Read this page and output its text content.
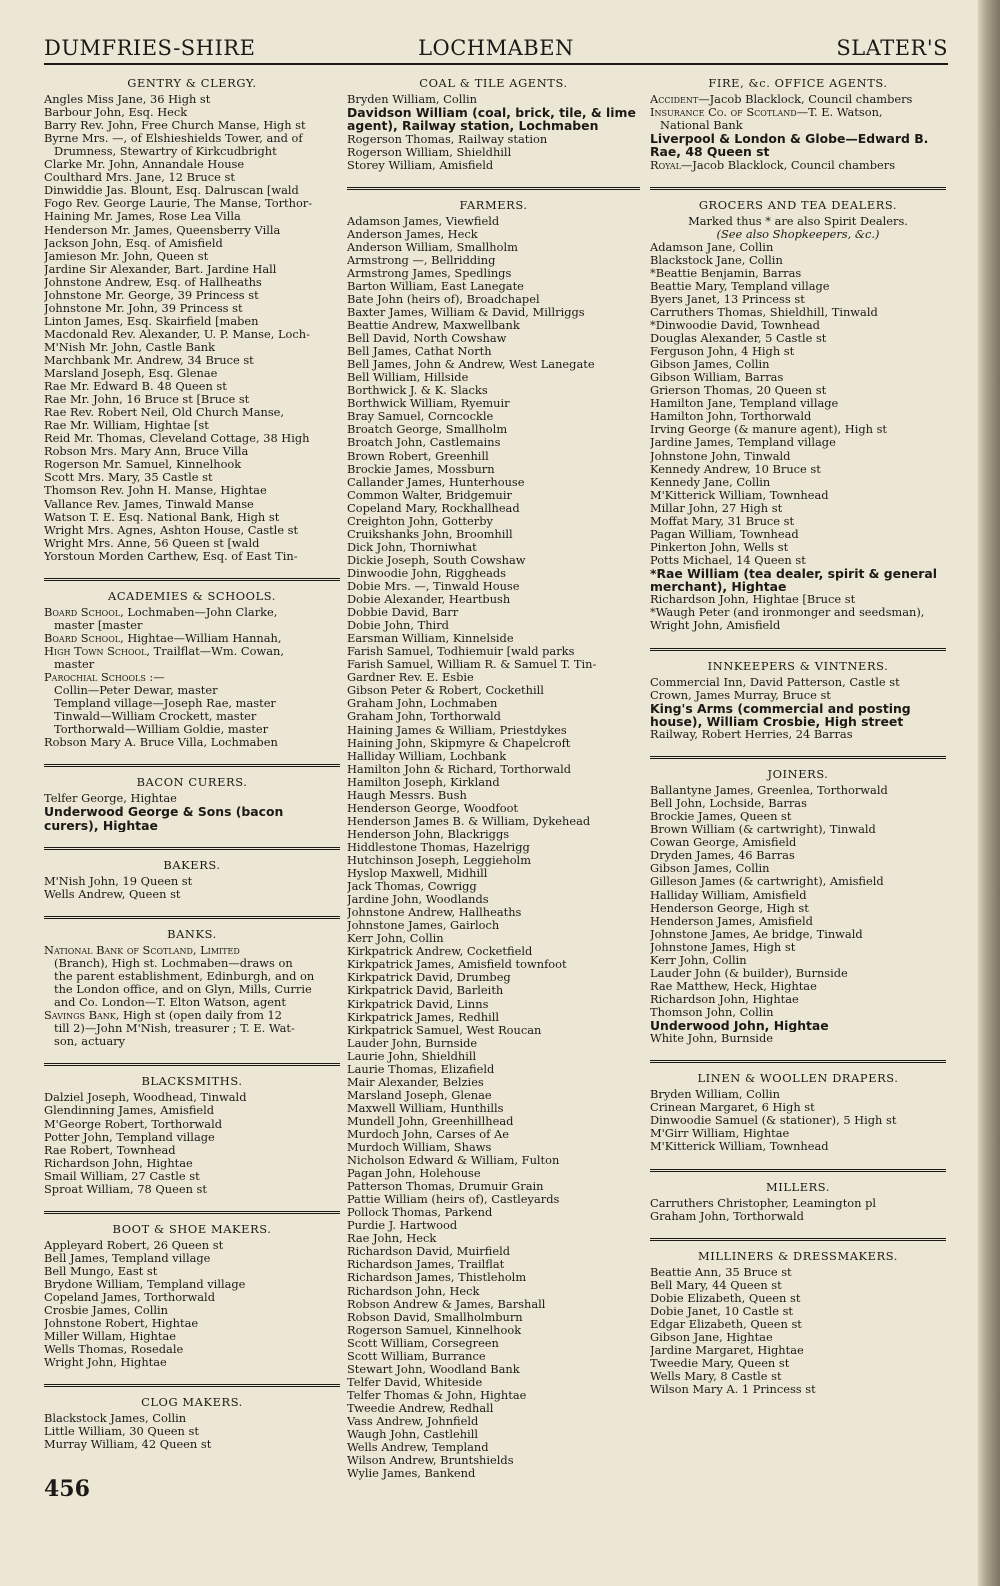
DUMFRIES-SHIRE	LOCHMABEN	SLATER'S
GENTRY & CLERGY.
Angles Miss Jane, 36 High st
Barbour John, Esq. Heck
Barry Rev. John, Free Church Manse, High st
Byrne Mrs. —, of Elshieshields Tower, and of
Drumness, Stewartry of Kirkcudbright
Clarke Mr. John, Annandale House
Coulthard Mrs. Jane, 12 Bruce st
Dinwiddie Jas. Blount, Esq. Dalruscan [wald
Fogo Rev. George Laurie, The Manse, Torthor-
Haining Mr. James, Rose Lea Villa
Henderson Mr. James, Queensberry Villa
Jackson John, Esq. of Amisfield
Jamieson Mr. John, Queen st
Jardine Sir Alexander, Bart. Jardine Hall
Johnstone Andrew, Esq. of Hallheaths
Johnstone Mr. George, 39 Princess st
Johnstone Mr. John, 39 Princess st
Linton James, Esq. Skairfield [maben
Macdonald Rev. Alexander, U. P. Manse, Loch-
M'Nish Mr. John, Castle Bank
Marchbank Mr. Andrew, 34 Bruce st
Marsland Joseph, Esq. Glenae
Rae Mr. Edward B. 48 Queen st
Rae Mr. John, 16 Bruce st [Bruce st
Rae Rev. Robert Neil, Old Church Manse,
Rae Mr. William, Hightae [st
Reid Mr. Thomas, Cleveland Cottage, 38 High
Robson Mrs. Mary Ann, Bruce Villa
Rogerson Mr. Samuel, Kinnelhook
Scott Mrs. Mary, 35 Castle st
Thomson Rev. John H. Manse, Hightae
Vallance Rev. James, Tinwald Manse
Watson T. E. Esq. National Bank, High st
Wright Mrs. Agnes, Ashton House, Castle st
Wright Mrs. Anne, 56 Queen st [wald
Yorstoun Morden Carthew, Esq. of East Tin-
ACADEMIES & SCHOOLS.
Board School, Lochmaben—John Clarke,
master [master
Board School, Hightae—William Hannah,
High Town School, Trailflat—Wm. Cowan,
master
Parochial Schools :—
Collin—Peter Dewar, master
Templand village—Joseph Rae, master
Tinwald—William Crockett, master
Torthorwald—William Goldie, master
Robson Mary A. Bruce Villa, Lochmaben
BACON CURERS.
Telfer George, Hightae
Underwood George & Sons (bacon curers), Hightae
BAKERS.
M'Nish John, 19 Queen st
Wells Andrew, Queen st
BANKS.
National Bank of Scotland, Limited
(Branch), High st. Lochmaben—draws on
the parent establishment, Edinburgh, and on
the London office, and on Glyn, Mills, Currie
and Co. London—T. Elton Watson, agent
Savings Bank, High st (open daily from 12
till 2)—John M'Nish, treasurer ; T. E. Wat-
son, actuary
BLACKSMITHS.
Dalziel Joseph, Woodhead, Tinwald
Glendinning James, Amisfield
M'George Robert, Torthorwald
Potter John, Templand village
Rae Robert, Townhead
Richardson John, Hightae
Smail William, 27 Castle st
Sproat William, 78 Queen st
BOOT & SHOE MAKERS.
Appleyard Robert, 26 Queen st
Bell James, Templand village
Bell Mungo, East st
Brydone William, Templand village
Copeland James, Torthorwald
Crosbie James, Collin
Johnstone Robert, Hightae
Miller Willam, Hightae
Wells Thomas, Rosedale
Wright John, Hightae
CLOG MAKERS.
Blackstock James, Collin
Little William, 30 Queen st
Murray William, 42 Queen st
COAL & TILE AGENTS.
Bryden William, Collin
Davidson William (coal, brick, tile, & lime agent), Railway station, Lochmaben
Rogerson Thomas, Railway station
Rogerson William, Shieldhill
Storey William, Amisfield
FARMERS.
Adamson James, Viewfield
Anderson James, Heck
Anderson William, Smallholm
Armstrong —, Bellridding
Armstrong James, Spedlings
Barton William, East Lanegate
Bate John (heirs of), Broadchapel
Baxter James, William & David, Millriggs
Beattie Andrew, Maxwellbank
Bell David, North Cowshaw
Bell James, Cathat North
Bell James, John & Andrew, West Lanegate
Bell William, Hillside
Borthwick J. & K. Slacks
Borthwick William, Ryemuir
Bray Samuel, Corncockle
Broatch George, Smallholm
Broatch John, Castlemains
Brown Robert, Greenhill
Brockie James, Mossburn
Callander James, Hunterhouse
Common Walter, Bridgemuir
Copeland Mary, Rockhallhead
Creighton John, Gotterby
Cruikshanks John, Broomhill
Dick John, Thorniwhat
Dickie Joseph, South Cowshaw
Dinwoodie John, Riggheads
Dobie Mrs. —, Tinwald House
Dobie Alexander, Heartbush
Dobbie David, Barr
Dobie John, Third
Earsman William, Kinnelside
Farish Samuel, Todhiemuir [wald parks
Farish Samuel, William R. & Samuel T. Tin-
Gardner Rev. E. Esbie
Gibson Peter & Robert, Cockethill
Graham John, Lochmaben
Graham John, Torthorwald
Haining James & William, Priestdykes
Haining John, Skipmyre & Chapelcroft
Halliday William, Lochbank
Hamilton John & Richard, Torthorwald
Hamilton Joseph, Kirkland
Haugh Messrs. Bush
Henderson George, Woodfoot
Henderson James B. & William, Dykehead
Henderson John, Blackriggs
Hiddlestone Thomas, Hazelrigg
Hutchinson Joseph, Leggieholm
Hyslop Maxwell, Midhill
Jack Thomas, Cowrigg
Jardine John, Woodlands
Johnstone Andrew, Hallheaths
Johnstone James, Gairloch
Kerr John, Collin
Kirkpatrick Andrew, Cocketfield
Kirkpatrick James, Amisfield townfoot
Kirkpatrick David, Drumbeg
Kirkpatrick David, Barleith
Kirkpatrick David, Linns
Kirkpatrick James, Redhill
Kirkpatrick Samuel, West Roucan
Lauder John, Burnside
Laurie John, Shieldhill
Laurie Thomas, Elizafield
Mair Alexander, Belzies
Marsland Joseph, Glenae
Maxwell William, Hunthills
Mundell John, Greenhillhead
Murdoch John, Carses of Ae
Murdoch William, Shaws
Nicholson Edward & William, Fulton
Pagan John, Holehouse
Patterson Thomas, Drumuir Grain
Pattie William (heirs of), Castleyards
Pollock Thomas, Parkend
Purdie J. Hartwood
Rae John, Heck
Richardson David, Muirfield
Richardson James, Trailflat
Richardson James, Thistleholm
Richardson John, Heck
Robson Andrew & James, Barshall
Robson David, Smallholmburn
Rogerson Samuel, Kinnelhook
Scott William, Corsegreen
Scott William, Burrance
Stewart John, Woodland Bank
Telfer David, Whiteside
Telfer Thomas & John, Hightae
Tweedie Andrew, Redhall
Vass Andrew, Johnfield
Waugh John, Castlehill
Wells Andrew, Templand
Wilson Andrew, Bruntshields
Wylie James, Bankend
FIRE, &c. OFFICE AGENTS.
Accident—Jacob Blacklock, Council chambers
Insurance Co. of Scotland—T. E. Watson,
National Bank
Liverpool & London & Globe—Edward B. Rae, 48 Queen st
Royal—Jacob Blacklock, Council chambers
GROCERS AND TEA DEALERS.
Marked thus * are also Spirit Dealers.
(See also Shopkeepers, &c.)
Adamson Jane, Collin
Blackstock Jane, Collin
*Beattie Benjamin, Barras
Beattie Mary, Templand village
Byers Janet, 13 Princess st
Carruthers Thomas, Shieldhill, Tinwald
*Dinwoodie David, Townhead
Douglas Alexander, 5 Castle st
Ferguson John, 4 High st
Gibson James, Collin
Gibson William, Barras
Grierson Thomas, 20 Queen st
Hamilton Jane, Templand village
Hamilton John, Torthorwald
Irving George (& manure agent), High st
Jardine James, Templand village
Johnstone John, Tinwald
Kennedy Andrew, 10 Bruce st
Kennedy Jane, Collin
M'Kitterick William, Townhead
Millar John, 27 High st
Moffat Mary, 31 Bruce st
Pagan William, Townhead
Pinkerton John, Wells st
Potts Michael, 14 Queen st
*Rae William (tea dealer, spirit & general merchant), Hightae
Richardson John, Hightae [Bruce st
*Waugh Peter (and ironmonger and seedsman),
Wright John, Amisfield
INNKEEPERS & VINTNERS.
Commercial Inn, David Patterson, Castle st
Crown, James Murray, Bruce st
King's Arms (commercial and posting house), William Crosbie, High street
Railway, Robert Herries, 24 Barras
JOINERS.
Ballantyne James, Greenlea, Torthorwald
Bell John, Lochside, Barras
Brockie James, Queen st
Brown William (& cartwright), Tinwald
Cowan George, Amisfield
Dryden James, 46 Barras
Gibson James, Collin
Gilleson James (& cartwright), Amisfield
Halliday William, Amisfield
Henderson George, High st
Henderson James, Amisfield
Johnstone James, Ae bridge, Tinwald
Johnstone James, High st
Kerr John, Collin
Lauder John (& builder), Burnside
Rae Matthew, Heck, Hightae
Richardson John, Hightae
Thomson John, Collin
Underwood John, Hightae
White John, Burnside
LINEN & WOOLLEN DRAPERS.
Bryden William, Collin
Crinean Margaret, 6 High st
Dinwoodie Samuel (& stationer), 5 High st
M'Girr William, Hightae
M'Kitterick William, Townhead
MILLERS.
Carruthers Christopher, Leamington pl
Graham John, Torthorwald
MILLINERS & DRESSMAKERS.
Beattie Ann, 35 Bruce st
Bell Mary, 44 Queen st
Dobie Elizabeth, Queen st
Dobie Janet, 10 Castle st
Edgar Elizabeth, Queen st
Gibson Jane, Hightae
Jardine Margaret, Hightae
Tweedie Mary, Queen st
Wells Mary, 8 Castle st
Wilson Mary A. 1 Princess st
456
